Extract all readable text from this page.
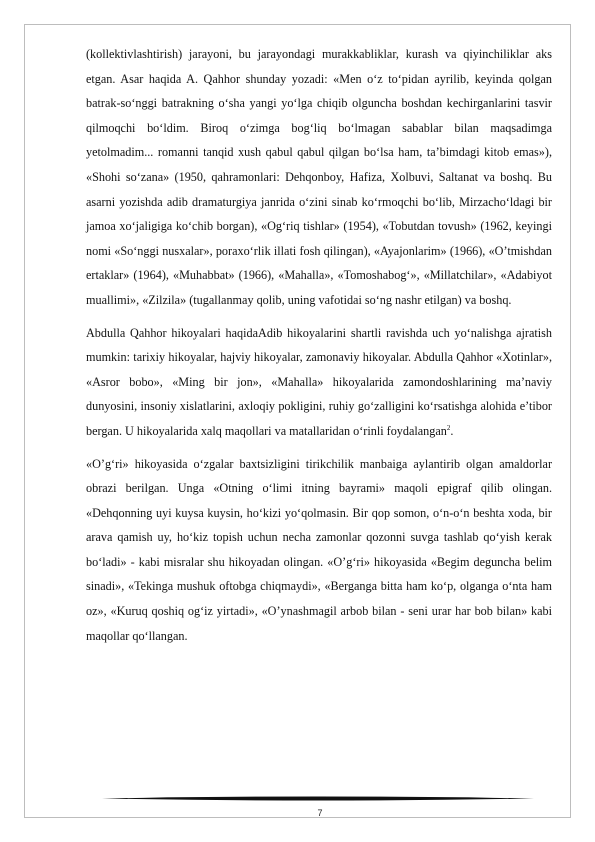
(kollektivlashtirish) jarayoni, bu jarayondagi murakkabliklar, kurash va qiyinchiliklar aks etgan. Asar haqida A. Qahhor shunday yozadi: «Men o‘z to‘pidan ayrilib, keyinda qolgan batrak-so‘nggi batrakning o‘sha yangi yo‘lga chiqib olguncha boshdan kechirganlarini tasvir qilmoqchi bo‘ldim. Biroq o‘zimga bog‘liq bo‘lmagan sabablar bilan maqsadimga yetolmadim... romanni tanqid xush qabul qabul qilgan bo‘lsa ham, ta’bimdagi kitob emas»), «Shohi so‘zana» (1950, qahramonlari: Dehqonboy, Hafiza, Xolbuvi, Saltanat va boshq. Bu asarni yozishda adib dramaturgiya janrida o‘zini sinab ko‘rmoqchi bo‘lib, Mirzacho‘ldagi bir jamoa xo‘jaligiga ko‘chib borgan), «Og‘riq tishlar» (1954), «Tobutdan tovush» (1962, keyingi nomi «So‘nggi nusxalar», poraxo‘rlik illati fosh qilingan), «Ayajonlarim» (1966), «O’tmishdan ertaklar» (1964), «Muhabbat» (1966), «Mahalla», «Tomoshabog‘», «Millatchilar», «Adabiyot muallimi», «Zilzila» (tugallanmay qolib, uning vafotidai so‘ng nashr etilgan) va boshq.

Abdulla Qahhor hikoyalari haqidaAdib hikoyalarini shartli ravishda uch yo‘nalishga ajratish mumkin: tarixiy hikoyalar, hajviy hikoyalar, zamonaviy hikoyalar. Abdulla Qahhor «Xotinlar», «Asror bobo», «Ming bir jon», «Mahalla» hikoyalarida zamondoshlarining ma’naviy dunyosini, insoniy xislatlarini, axloqiy pokligini, ruhiy go‘zalligini ko‘rsatishga alohida e’tibor bergan. U hikoyalarida xalq maqollari va matallaridan o‘rinli foydalangan$^2$.

«O’g‘ri» hikoyasida o‘zgalar baxtsizligini tirikchilik manbaiga aylantirib olgan amaldorlar obrazi berilgan. Unga «Otning o‘limi itning bayrami» maqoli epigraf qilib olingan. «Dehqonning uyi kuysa kuysin, ho‘kizi yo‘qolmasin. Bir qop somon, o‘n-o‘n beshta xoda, bir arava qamish uy, ho‘kiz topish uchun necha zamonlar qozonni suvga tashlab qo‘yish kerak bo‘ladi» - kabi misralar shu hikoyadan olingan. «O’g‘ri» hikoyasida «Begim deguncha belim sinadi», «Tekinga mushuk oftobga chiqmaydi», «Berganga bitta ham ko‘p, olganga o‘nta ham oz», «Kuruq qoshiq og‘iz yirtadi», «O’ynashmagil arbob bilan - seni urar har bob bilan» kabi maqollar qo‘llangan.

7
